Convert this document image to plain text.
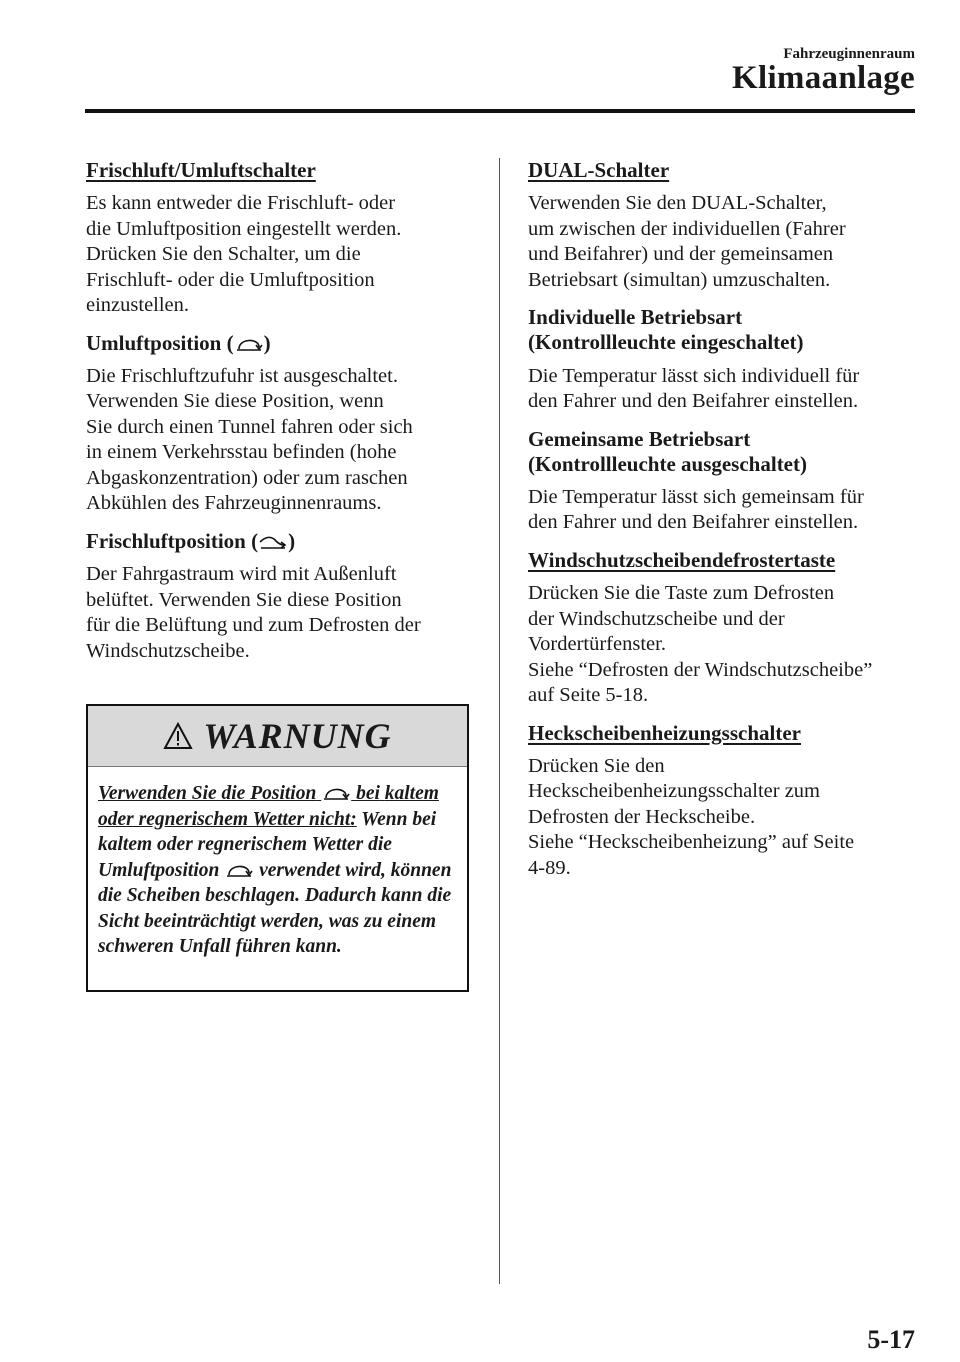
Fahrzeuginnenraum
Klimaanlage
Frischluft/Umluftschalter

Es kann entweder die Frischluft- oder
die Umluftposition eingestellt werden.
Drücken Sie den Schalter, um die
Frischluft- oder die Umluftposition
einzustellen.

Umluftposition ( )

Die Frischluftzufuhr ist ausgeschaltet.
Verwenden Sie diese Position, wenn
Sie durch einen Tunnel fahren oder sich
in einem Verkehrsstau befinden (hohe
Abgaskonzentration) oder zum raschen
Abkühlen des Fahrzeuginnenraums.

Frischluftposition ( )

Der Fahrgastraum wird mit Außenluft
belüftet. Verwenden Sie diese Position
für die Belüftung und zum Defrosten der
Windschutzscheibe.

WARNUNG
Verwenden Sie die Position bei kaltem oder regnerischem Wetter nicht: Wenn bei kaltem oder regnerischem Wetter die Umluftposition verwendet wird, können die Scheiben beschlagen. Dadurch kann die Sicht beeinträchtigt werden, was zu einem schweren Unfall führen kann.
DUAL-Schalter

Verwenden Sie den DUAL-Schalter,
um zwischen der individuellen (Fahrer
und Beifahrer) und der gemeinsamen
Betriebsart (simultan) umzuschalten.

Individuelle Betriebsart
(Kontrollleuchte eingeschaltet)

Die Temperatur lässt sich individuell für
den Fahrer und den Beifahrer einstellen.

Gemeinsame Betriebsart
(Kontrollleuchte ausgeschaltet)

Die Temperatur lässt sich gemeinsam für
den Fahrer und den Beifahrer einstellen.

Windschutzscheibendefrostertaste

Drücken Sie die Taste zum Defrosten
der Windschutzscheibe und der
Vordertürfenster.
Siehe “Defrosten der Windschutzscheibe”
auf Seite 5-18.

Heckscheibenheizungsschalter

Drücken Sie den
Heckscheibenheizungsschalter zum
Defrosten der Heckscheibe.
Siehe “Heckscheibenheizung” auf Seite
4-89.

5-17
